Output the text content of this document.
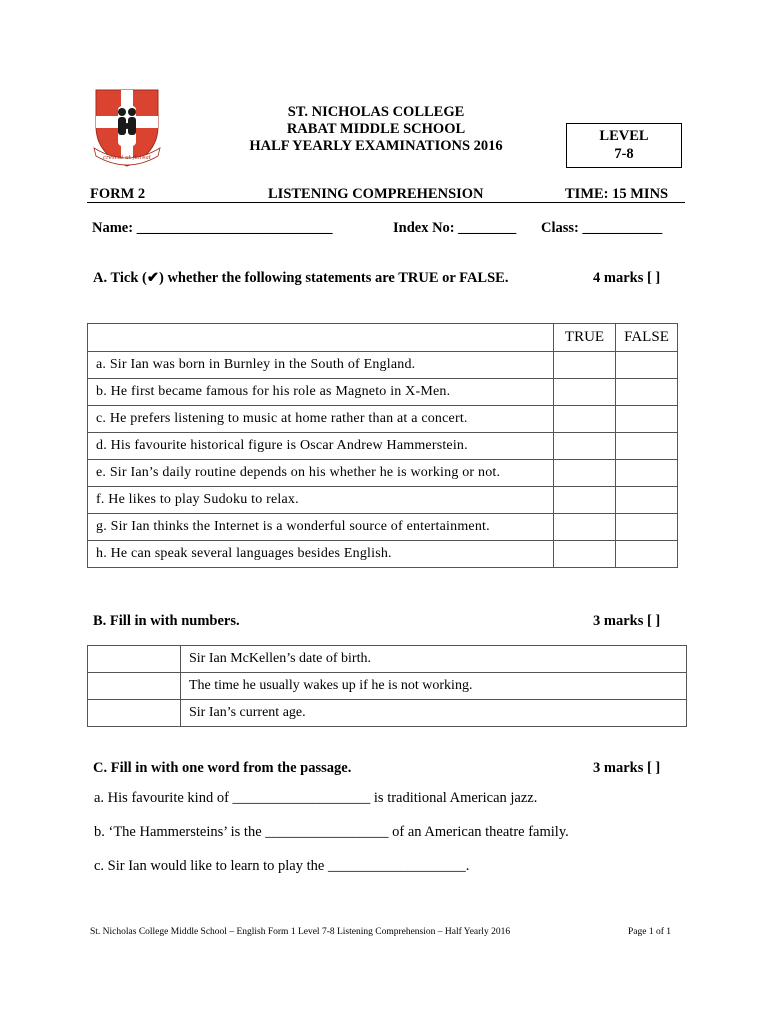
crescat ut floreat
ST. NICHOLAS COLLEGE
RABAT MIDDLE SCHOOL
HALF YEARLY EXAMINATIONS 2016
LEVEL
7-8
FORM 2	LISTENING COMPREHENSION	TIME: 15 MINS
Name: ___________________________	Index No: ________ Class: ___________
A. Tick (✔) whether the following statements are TRUE or FALSE.	4 marks [ ]
	TRUE	FALSE
a. Sir Ian was born in Burnley in the South of England.		
b. He first became famous for his role as Magneto in X-Men.		
c. He prefers listening to music at home rather than at a concert.		
d. His favourite historical figure is Oscar Andrew Hammerstein.		
e. Sir Ian’s daily routine depends on his whether he is working or not.		
f. He likes to play Sudoku to relax.		
g. Sir Ian thinks the Internet is a wonderful source of entertainment.		
h. He can speak several languages besides English.		
B. Fill in with numbers.	3 marks [ ]
	Sir Ian McKellen’s date of birth.
	The time he usually wakes up if he is not working.
	Sir Ian’s current age.
C. Fill in with one word from the passage.	3 marks [ ]
a. His favourite kind of ___________________ is traditional American jazz.
b. ‘The Hammersteins’ is the _________________ of an American theatre family.
c. Sir Ian would like to learn to play the ___________________.
St. Nicholas College Middle School – English Form 1 Level 7-8 Listening Comprehension – Half Yearly 2016	Page 1 of 1
